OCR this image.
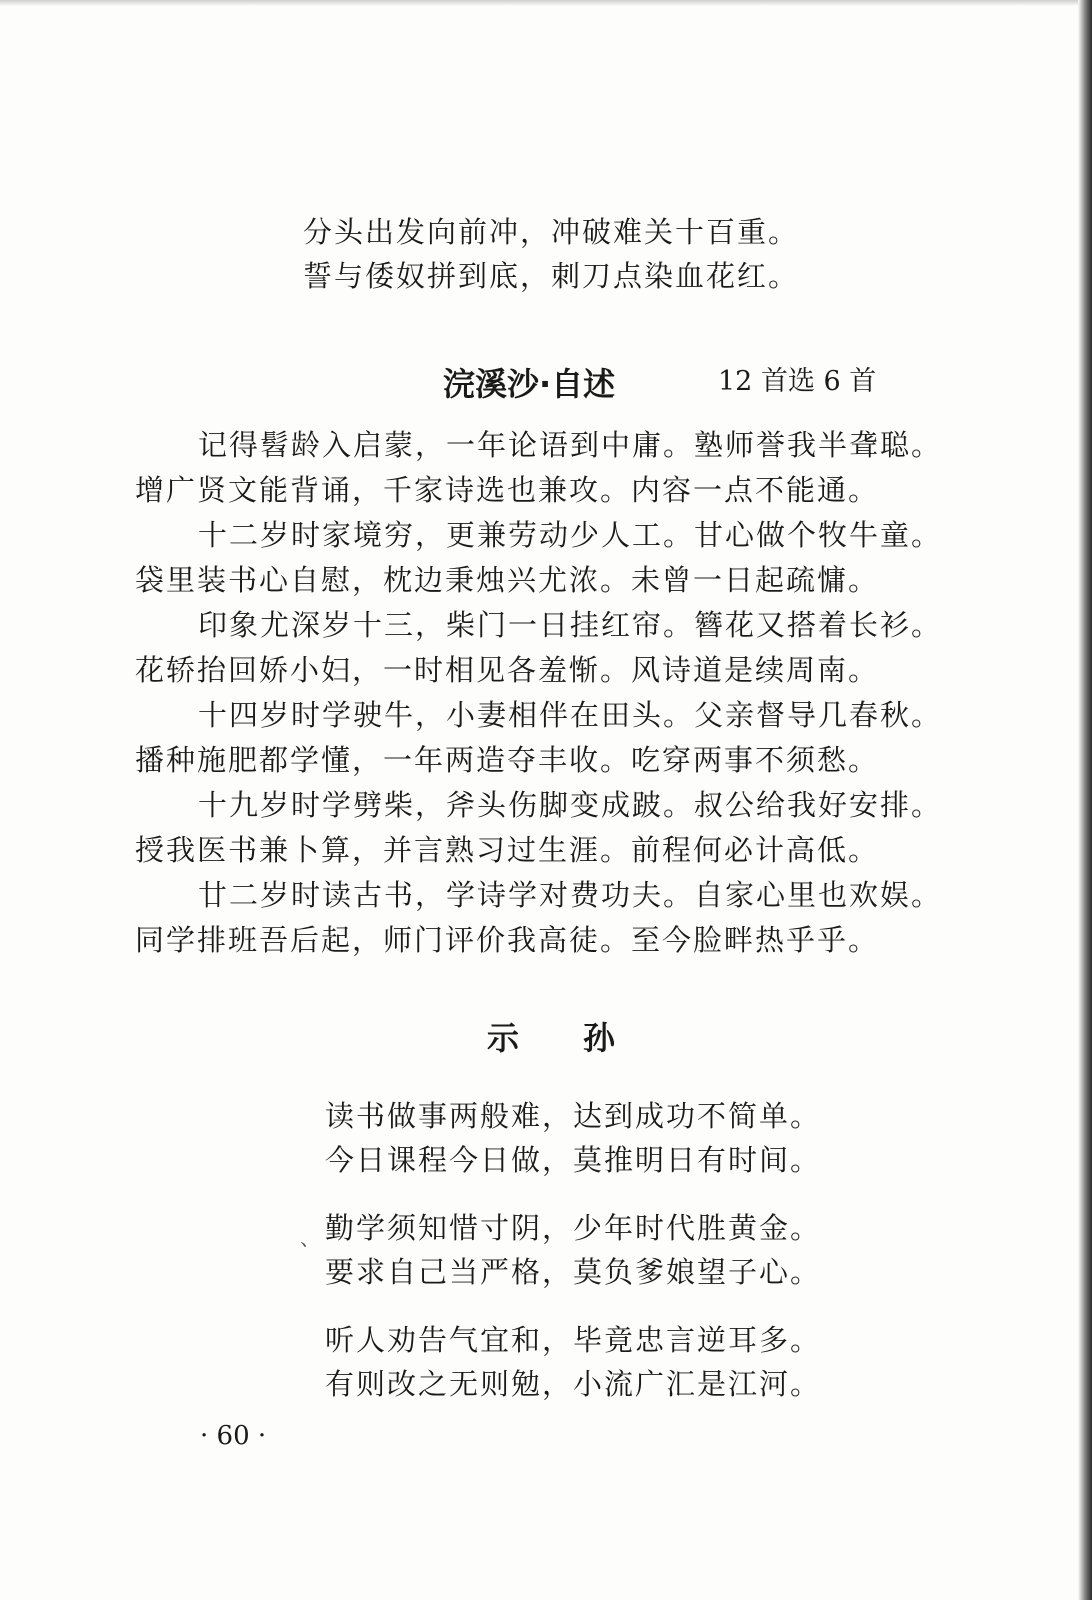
分头出发向前冲，冲破难关十百重。
誓与倭奴拼到底，刺刀点染血花红。
浣溪沙·自述	12 首选 6 首
记得髫龄入启蒙，一年论语到中庸。塾师誉我半聋聪。
增广贤文能背诵，千家诗选也兼攻。内容一点不能通。
十二岁时家境穷，更兼劳动少人工。甘心做个牧牛童。
袋里装书心自慰，枕边秉烛兴尤浓。未曾一日起疏慵。
印象尤深岁十三，柴门一日挂红帘。簪花又搭着长衫。
花轿抬回娇小妇，一时相见各羞惭。风诗道是续周南。
十四岁时学驶牛，小妻相伴在田头。父亲督导几春秋。
播种施肥都学懂，一年两造夺丰收。吃穿两事不须愁。
十九岁时学劈柴，斧头伤脚变成跛。叔公给我好安排。
授我医书兼卜算，并言熟习过生涯。前程何必计高低。
廿二岁时读古书，学诗学对费功夫。自家心里也欢娱。
同学排班吾后起，师门评价我高徒。至今脸畔热乎乎。
示　　孙
读书做事两般难，达到成功不简单。
今日课程今日做，莫推明日有时间。
、 勤学须知惜寸阴，少年时代胜黄金。
要求自己当严格，莫负爹娘望子心。
听人劝告气宜和，毕竟忠言逆耳多。
有则改之无则勉，小流广汇是江河。
· 60 ·
